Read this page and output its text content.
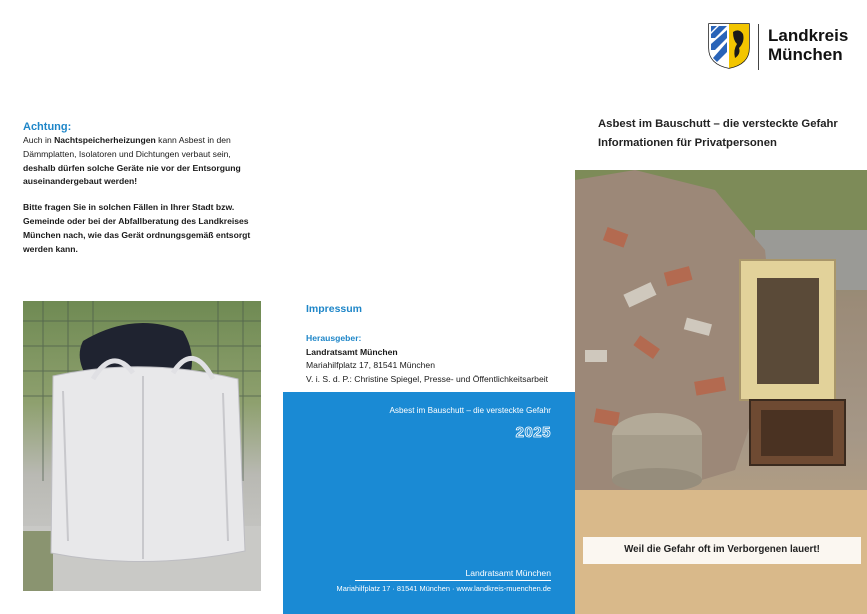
Achtung:

Auch in Nachtspeicherheizungen kann Asbest in den Dämmplatten, Isolatoren und Dichtungen verbaut sein, deshalb dürfen solche Geräte nie vor der Entsorgung auseinandergebaut werden!

Bitte fragen Sie in solchen Fällen in Ihrer Stadt bzw. Gemeinde oder bei der Abfallberatung des Landkreises München nach, wie das Gerät ordnungsgemäß entsorgt werden kann.

Impressum
Herausgeber:
Landratsamt München
Mariahilfplatz 17, 81541 München
V. i. S. d. P.: Christine Spiegel, Presse- und Öffentlichkeitsarbeit
Asbest im Bauschutt – die versteckte Gefahr
2025
Landratsamt München
Mariahilfplatz 17 · 81541 München · www.landkreis-muenchen.de
Landkreis
München
Asbest im Bauschutt – die versteckte Gefahr
Informationen für Privatpersonen
Weil die Gefahr oft im Verborgenen lauert!
